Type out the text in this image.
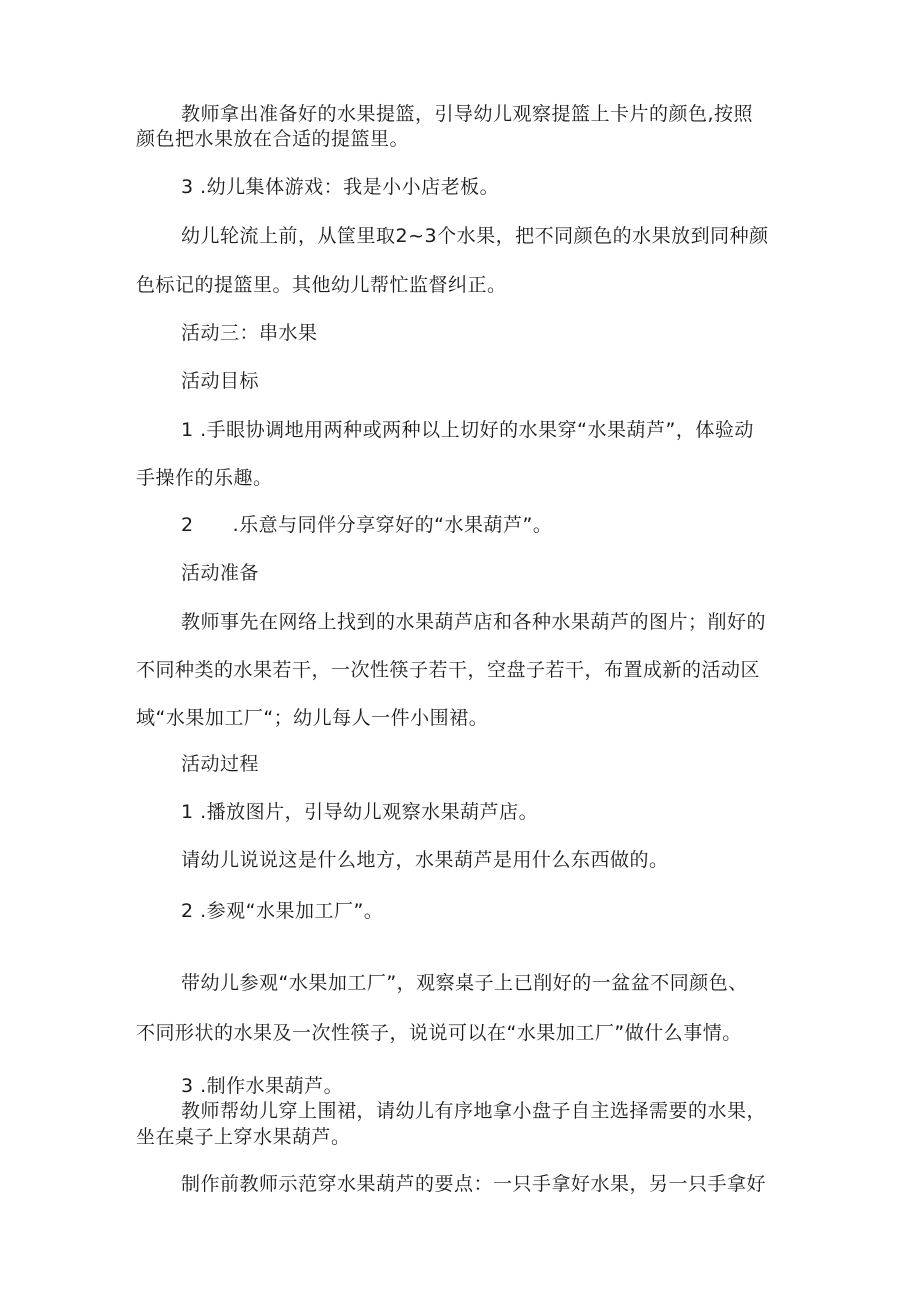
教师拿出准备好的水果提篮，引导幼儿观察提篮上卡片的颜色,按照
颜色把水果放在合适的提篮里。
3 .幼儿集体游戏：我是小小店老板。
幼儿轮流上前，从筐里取2~3个水果，把不同颜色的水果放到同种颜
色标记的提篮里。其他幼儿帮忙监督纠正。
活动三：串水果
活动目标
1 .手眼协调地用两种或两种以上切好的水果穿“水果葫芦”，体验动
手操作的乐趣。
2　　.乐意与同伴分享穿好的“水果葫芦”。
活动准备
教师事先在网络上找到的水果葫芦店和各种水果葫芦的图片；削好的
不同种类的水果若干，一次性筷子若干，空盘子若干，布置成新的活动区
域“水果加工厂“；幼儿每人一件小围裙。
活动过程
1 .播放图片，引导幼儿观察水果葫芦店。
请幼儿说说这是什么地方，水果葫芦是用什么东西做的。
2 .参观“水果加工厂”。
带幼儿参观“水果加工厂”，观察桌子上已削好的一盆盆不同颜色、
不同形状的水果及一次性筷子，说说可以在“水果加工厂”做什么事情。
3 .制作水果葫芦。
教师帮幼儿穿上围裙，请幼儿有序地拿小盘子自主选择需要的水果，
坐在桌子上穿水果葫芦。
制作前教师示范穿水果葫芦的要点：一只手拿好水果，另一只手拿好
